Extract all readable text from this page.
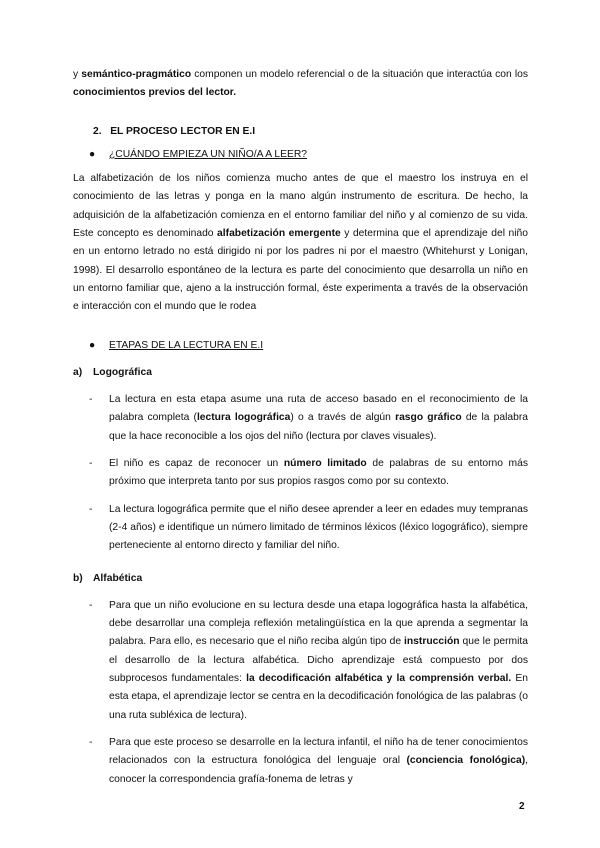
y semántico-pragmático componen un modelo referencial o de la situación que interactúa con los conocimientos previos del lector.

2. EL PROCESO LECTOR EN E.I

● ¿CUÁNDO EMPIEZA UN NIÑO/A A LEER?

La alfabetización de los niños comienza mucho antes de que el maestro los instruya en el conocimiento de las letras y ponga en la mano algún instrumento de escritura. De hecho, la adquisición de la alfabetización comienza en el entorno familiar del niño y al comienzo de su vida. Este concepto es denominado alfabetización emergente y determina que el aprendizaje del niño en un entorno letrado no está dirigido ni por los padres ni por el maestro (Whitehurst y Lonigan, 1998). El desarrollo espontáneo de la lectura es parte del conocimiento que desarrolla un niño en un entorno familiar que, ajeno a la instrucción formal, éste experimenta a través de la observación e interacción con el mundo que le rodea

● ETAPAS DE LA LECTURA EN E.I

a) Logográfica

- La lectura en esta etapa asume una ruta de acceso basado en el reconocimiento de la palabra completa (lectura logográfica) o a través de algún rasgo gráfico de la palabra que la hace reconocible a los ojos del niño (lectura por claves visuales).
- El niño es capaz de reconocer un número limitado de palabras de su entorno más próximo que interpreta tanto por sus propios rasgos como por su contexto.
- La lectura logográfica permite que el niño desee aprender a leer en edades muy tempranas (2-4 años) e identifique un número limitado de términos léxicos (léxico logográfico), siempre perteneciente al entorno directo y familiar del niño.

b) Alfabética

- Para que un niño evolucione en su lectura desde una etapa logográfica hasta la alfabética, debe desarrollar una compleja reflexión metalingüística en la que aprenda a segmentar la palabra. Para ello, es necesario que el niño reciba algún tipo de instrucción que le permita el desarrollo de la lectura alfabética. Dicho aprendizaje está compuesto por dos subprocesos fundamentales: la decodificación alfabética y la comprensión verbal. En esta etapa, el aprendizaje lector se centra en la decodificación fonológica de las palabras (o una ruta subléxica de lectura).
- Para que este proceso se desarrolle en la lectura infantil, el niño ha de tener conocimientos relacionados con la estructura fonológica del lenguaje oral (conciencia fonológica), conocer la correspondencia grafía-fonema de letras y
2
